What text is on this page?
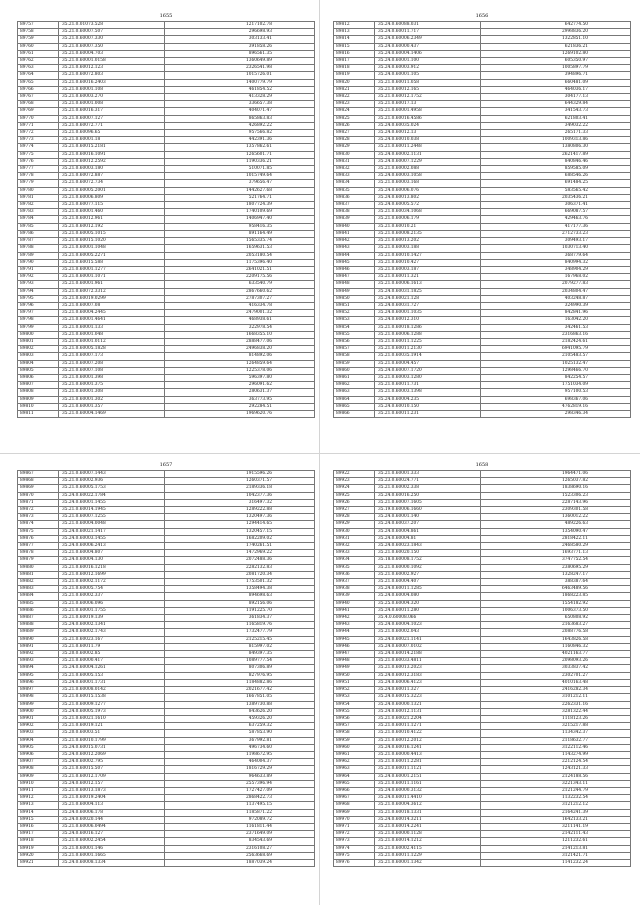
1655
89757	35.21.0.01073.528	1217102.78
89758	35.21.0.60007.507	296698.93
89759	35.21.0.60007.330	303133.41
89760	35.21.0.60007.350	391858.26
89761	35.21.0.60004.703	896561.35
89762	35.21.0.60001.0158	1360649.89
89763	35.21.0.60012.123	2326541.98
89764	35.21.0.60072.803	1015726.01
89765	35.21.0.60016.2403	1400779.79
89766	35.21.0.60001.108	461854.52
89767	35.21.0.60003.270	413328.29
89768	35.21.0.60001.008	336657.38
89769	35.21.0.60016.317	404071.47
89770	35.21.0.60007.127	865863.83
89771	35.21.0.60072.771	426892.22
89772	35.21.0.60096.65	957566.82
89773	35.21.0.60001.18	442391.36
89774	35.21.0.60015.2181	1357862.61
89775	35.21.0.60016.1091	1265601.71
89776	35.21.0.60012.2592	1190336.21
89777	35.21.0.60003.180	510071.85
89778	35.21.0.60072.887	1015749.64
89779	35.21.0.60072.734	379656.47
89780	35.21.0.60005.2001	1442627.68
89781	35.21.0.60006.809	521764.71
89782	35.21.0.60077.115	1807724.39
89783	35.21.0.60001.460	1740109.69
89784	35.21.0.60012.961	1406947.40
89785	35.21.0.60012.192	958416.35
89786	35.21.0.60005.1015	891164.49
89787	35.21.0.60015.1020	1565335.74
89788	35.21.0.60001.1048	1659631.53
89789	35.21.0.60005.2271	2053180.54
89790	35.21.0.60015.588	1175396.40
89791	35.21.0.60001.1277	2641021.51
89792	35.21.0.60001.1071	2209175.56
89793	35.21.0.60001.961	633540.79
89794	35.21.0.60072.3312	2867660.62
89795	35.21.0.60019.0299	2787307.27
89796	35.21.0.60007.08	416334.78
89797	35.21.0.60004.2445	2479001.32
89798	35.21.0.60001.4641	468938.61
89799	35.21.0.60001.133	322978.54
89800	35.21.0.60001.048	1668355.10
89801	35.21.0.60001.0112	2888477.06
89802	35.21.0.60005.1828	2496838.20
89803	35.21.0.60007.173	814892.06
89804	35.21.0.60007.208	1264859.64
89805	35.21.0.60007.108	1225378.06
89806	35.21.0.60001.398	596397.80
89807	35.21.0.60001.375	296091.62
89808	35.21.0.60001.308	280631.37
89809	35.21.0.60001.302	363773.95
89810	35.21.0.60001.357	292284.51
89811	35.21.0.60004.1469	1969620.76
1656
89812	35.24.0.60088.031	642774.50
89813	35.24.0.60011.717	2998836.20
89814	35.24.0.60006.2349	1322851.10
89815	35.24.0.60000.437	621836.21
89816	35.24.0.60004.1406	1269102.80
89817	35.24.0.60001.100	605350.97
89818	35.24.0.60003.912	1005897.79
89819	35.24.0.60001.105	394896.71
89820	35.21.0.60011.058	660481.09
89821	35.21.0.60012.165	464036.17
89822	35.21.0.60012.1752	304177.13
89823	35.21.0.60017.13	644329.84
89824	35.21.0.60001.4958	341543.73
89825	35.21.0.60016.4586	621803.41
89826	35.24.0.60035.024	349032.22
89827	35.24.0.60012.13	265171.33
89828	35.24.0.60010.038	1009313.86
89829	35.21.0.60011.2448	1380806.30
89830	35.24.0.60002.1131	2621417.89
89831	35.24.0.60007.1229	840846.46
89832	35.21.0.60002.088	859585.09
89833	35.24.0.60003.1058	688546.26
89834	35.21.0.60003.168	691484.25
89835	35.24.0.60006.076	583565.42
89836	35.24.0.60013.802	2035436.21
89837	35.24.0.60005.572	306371.41
89838	35.21.0.60034.1068	669087.57
89839	35.21.0.60006.179	429463.76
89840	35.21.0.60010.21	417177.36
89841	35.21.0.60008.2135	2712733.23
89842	35.21.0.60013.202	309493.17
89843	35.21.0.60003.188	1030713.40
89844	35.21.0.60010.1427	368779.64
89845	35.21.0.60010.427	840994.32
89846	35.21.0.60003.187	348904.29
89847	35.21.0.60011.321	167968.02
89848	35.21.0.60006.1613	2079277.83
89849	35.24.0.60031.1825	2034804.47
89850	35.24.0.60021.128	403248.87
89851	35.24.0.60031.727	324990.39
89852	35.24.0.60001.1035	842841.96
89853	35.24.0.60012.310	163042.20
89854	35.21.0.60018.1286	342461.53
89855	35.21.0.60006.1288	2316863.16
89856	35.21.0.60011.1225	2182424.61
89857	35.21.0.60011.2130	6941095.79
89858	35.21.0.60035.1914	2105483.57
89859	35.21.0.60004.457	1025132.47
89860	35.24.0.60007.1720	1298466.70
89861	35.21.0.60003.1280	842254.57
89862	35.21.0.60011.731	1751034.09
89863	35.21.0.60003.1398	957100.53
89864	35.24.0.60004.235	698367.06
89865	35.24.0.60010.150	4762819.16
89866	35.21.0.60011.231	298346.34
1657
89867	35.21.0.60007.1443	1915596.26
89868	35.21.0.60002.936	1260371.57
89869	35.21.0.60005.1753	2189336.18
89870	35.24.0.60022.1784	1042377.36
89871	35.24.0.60001.1455	316497.32
89872	35.21.0.60014.1945	1289222.88
89873	35.21.0.60007.1255	1320497.36
89874	35.21.0.60004.0048	1294414.65
89875	35.24.0.60021.1417	1320457.15
89876	35.24.0.60003.1455	1682209.02
89877	35.24.0.60006.2413	1740261.51
89878	35.21.0.60004.807	1472969.22
89879	35.24.0.60004.130	2072488.36
89880	35.21.0.60016.1218	2282132.83
89881	35.21.0.60012.1699	2081720.34
89882	35.21.0.60002.1172	1753501.32
89883	35.21.0.60005.754	1358494.38
89884	35.21.0.60002.337	894698.63
89885	35.21.0.60006.096	892156.06
89886	35.21.0.60001.1755	1191225.70
89887	35.21.0.60019.139	361834.37
89888	35.24.0.60002.1341	1165819.76
89889	35.24.0.60002.1743	1732477.79
89890	35.21.0.60023.167	2125215.45
89891	35.21.0.60011.79	815997.02
89892	35.20.0.60002.85	849397.35
89893	35.21.0.60000.417	1089777.54
89894	35.24.0.60004.1261	807306.89
89895	35.21.0.60005.153	827976.95
89896	35.24.0.60001.1731	1184882.86
89897	35.21.0.60008.0142	2021677.42
89898	35.21.0.60015.1538	1667851.05
89899	35.21.0.60009.1277	1389730.88
89900	35.24.0.60005.1973	843626.20
89901	35.21.0.60021.1610	459326.20
89902	35.21.0.60019.121	637259.32
89903	35.20.0.60003.51	587853.90
89904	35.21.0.60010.1799	367992.81
89905	35.24.0.60015.0731	496734.60
89906	35.24.0.60012.2069	1198672.95
89907	35.24.0.60002.795	464004.37
89908	35.21.0.60015.507	1816729.29
89909	35.21.0.60012.1709	964633.89
89910	35.24.0.60012.157	2557396.94
89911	35.21.0.60013.1873	1727427.09
89912	35.21.0.60019.2404	2868422.73
89913	35.21.0.60004.113	1137495.15
89914	35.24.0.60006.178	1185871.22
89915	35.24.0.60020.144	972089.72
89916	35.21.0.60006.0494	1161811.44
89917	35.24.0.60016.127	2371649.09
89918	35.21.0.60002.2454	834543.69
89919	35.21.0.60001.146	2316108.27
89920	35.21.0.60001.1665	2563668.69
89921	35.24.0.60008.1334	1887039.24
1658
89922	35.21.0.60001.333	1964471.06
89923	35.23.0.60024.771	1265037.82
89924	35.21.0.60002.338	1838690.16
89925	35.24.0.60016.250	1523306.23
89926	35.21.0.60007.1605	2287143.96
89927	35.19.0.60006.1660	2309301.58
89928	35.24.0.60001.140	1360012.22
89929	35.24.0.60037.207	489226.63
89930	35.24.0.60004.861	1354090.47
89931	35.24.0.60004.81	2818422.11
89932	35.24.0.60023.1843	2468580.29
89933	35.21.0.60020.150	1693771.13
89934	35.18.0.60008.1752	3747752.54
89935	35.21.0.60000.1092	2380695.29
89936	35.21.0.60002.927	1328247.17
89937	35.21.0.60004.407	388387.64
89938	35.24.0.60011.1285	6463489.56
89939	35.24.0.60004.080	1868223.85
89940	35.25.0.60004.320	1554182.92
89941	35.24.0.60011.280	1006373.50
89942	35.4.0.60008.066	650808.92
89943	35.24.0.60004.1023	2163683.27
89944	35.21.0.60002.043	2088776.58
89945	35.24.0.60021.1141	1643826.58
89946	35.24.0.60007.0102	1160846.32
89947	35.24.0.60014.2188	4021163.77
89948	35.21.0.60033.4811	2098093.26
89949	35.21.0.60013.2023	3033837.42
89950	35.24.0.60012.3183	2302701.27
89951	35.24.0.60006.4123	4010163.48
89952	35.24.0.60011.327	2416282.34
89953	35.24.0.60015.3223	3101212.11
89954	35.24.0.60000.1321	2262331.16
89955	35.24.0.60012.1131	3281322.44
89956	35.21.0.60021.2204	1118123.26
89957	35.21.0.60011.1271	3215217.88
89958	35.21.0.60010.4122	1134342.37
89959	35.21.0.60012.2012	2118632.77
89960	35.24.0.60016.1241	3122112.46
89961	35.21.0.60000.4413	1143274.99
89962	35.21.0.60011.2281	2212124.54
89963	35.21.0.60011.1121	1243121.33
89964	35.24.0.60001.2151	2124188.56
89965	35.21.0.60011.1161	3221343.11
89966	35.24.0.60000.3132	2121244.79
89967	35.24.0.60011.4410	1132232.54
89968	35.21.0.60004.3612	3121212.12
89969	35.21.0.60018.1331	2164241.39
89970	35.24.0.60014.3211	1642133.21
89971	35.21.0.60014.2241	3211141.19
89972	35.21.0.60000.1128	2142111.43
89973	35.21.0.60014.1212	1211232.61
89974	35.21.0.60002.4115	2141213.81
89975	35.21.0.60011.1229	3121421.71
89976	35.21.0.60001.1342	1141232.24
